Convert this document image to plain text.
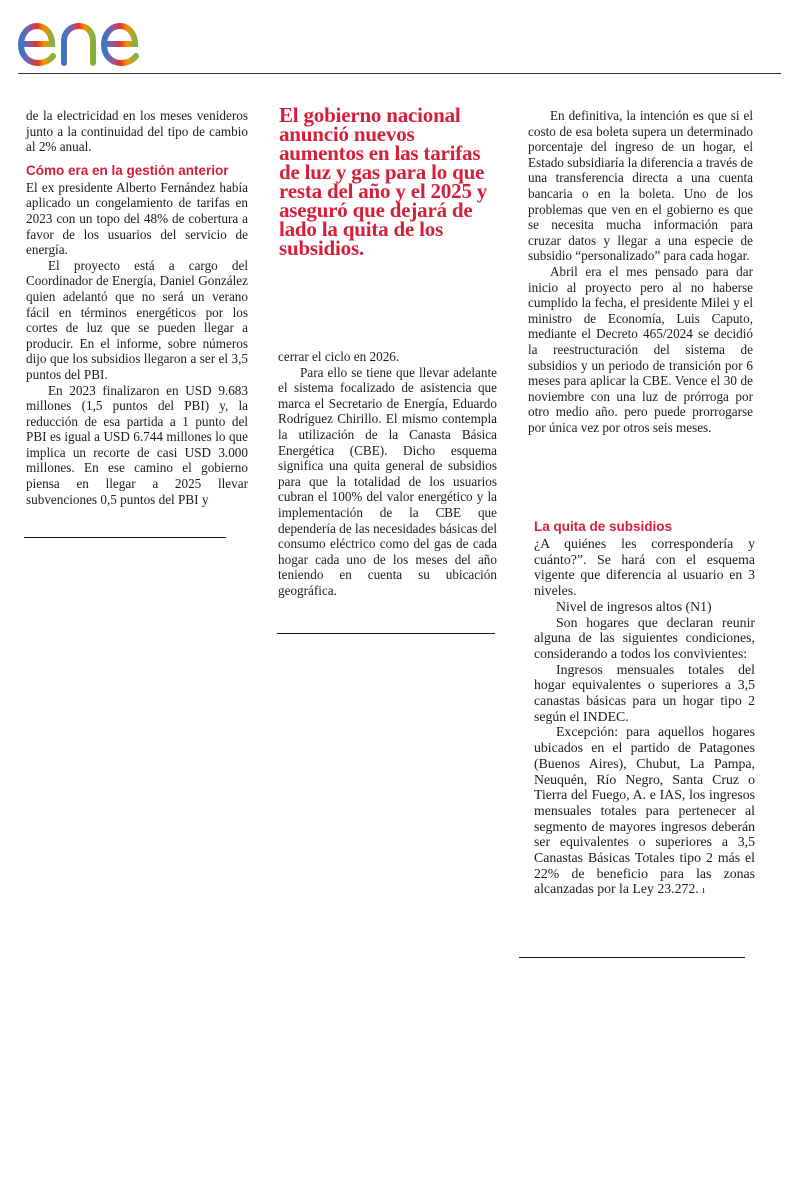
de la electricidad en los meses venideros junto a la continuidad del tipo de cambio al 2% anual.

Cómo era en la gestión anterior

El ex presidente Alberto Fernández había aplicado un congelamiento de tarifas en 2023 con un topo del 48% de cobertura a favor de los usuarios del servicio de energía.

El proyecto está a cargo del Coordinador de Energía, Daniel González quien adelantó que no será un verano fácil en términos energéticos por los cortes de luz que se pueden llegar a producir. En el informe, sobre números dijo que los subsidios llegaron a ser el 3,5 puntos del PBI.

En 2023 finalizaron en USD 9.683 millones (1,5 puntos del PBI) y, la reducción de esa partida a 1 punto del PBI es igual a USD 6.744 millones lo que implica un recorte de casi USD 3.000 millones. En ese camino el gobierno piensa en llegar a 2025 llevar subvenciones 0,5 puntos del PBI y

El gobierno nacional anunció nuevos aumentos en las tarifas de luz y gas para lo que resta del año y el 2025 y aseguró que dejará de lado la quita de los subsidios.

cerrar el ciclo en 2026.

Para ello se tiene que llevar adelante el sistema focalizado de asistencia que marca el Secretario de Energía, Eduardo Rodríguez Chirillo. El mismo contempla la utilización de la Canasta Básica Energética (CBE). Dicho esquema significa una quita general de subsidios para que la totalidad de los usuarios cubran el 100% del valor energético y la implementación de la CBE que dependería de las necesidades básicas del consumo eléctrico como del gas de cada hogar cada uno de los meses del año teniendo en cuenta su ubicación geográfica.

En definitiva, la intención es que si el costo de esa boleta supera un determinado porcentaje del ingreso de un hogar, el Estado subsidiaría la diferencia a través de una transferencia directa a una cuenta bancaria o en la boleta. Uno de los problemas que ven en el gobierno es que se necesita mucha información para cruzar datos y llegar a una especie de subsidio “personalizado” para cada hogar.

Abril era el mes pensado para dar inicio al proyecto pero al no haberse cumplido la fecha, el presidente Milei y el ministro de Economía, Luis Caputo, mediante el Decreto 465/2024 se decidió la reestructuración del sistema de subsidios y un periodo de transición por 6 meses para aplicar la CBE. Vence el 30 de noviembre con una luz de prórroga por otro medio año. pero puede prorrogarse por única vez por otros seis meses.

La quita de subsidios

¿A quiénes les correspondería y cuánto?”. Se hará con el esquema vigente que diferencia al usuario en 3 niveles.

Nivel de ingresos altos (N1)

Son hogares que declaran reunir alguna de las siguientes condiciones, considerando a todos los convivientes:

Ingresos mensuales totales del hogar equivalentes o superiores a 3,5 canastas básicas para un hogar tipo 2 según el INDEC.

Excepción: para aquellos hogares ubicados en el partido de Patagones (Buenos Aires), Chubut, La Pampa, Neuquén, Río Negro, Santa Cruz o Tierra del Fuego, A. e IAS, los ingresos mensuales totales para pertenecer al segmento de mayores ingresos deberán ser equivalentes o superiores a 3,5 Canastas Básicas Totales tipo 2 más el 22% de beneficio para las zonas alcanzadas por la Ley 23.272. ı
